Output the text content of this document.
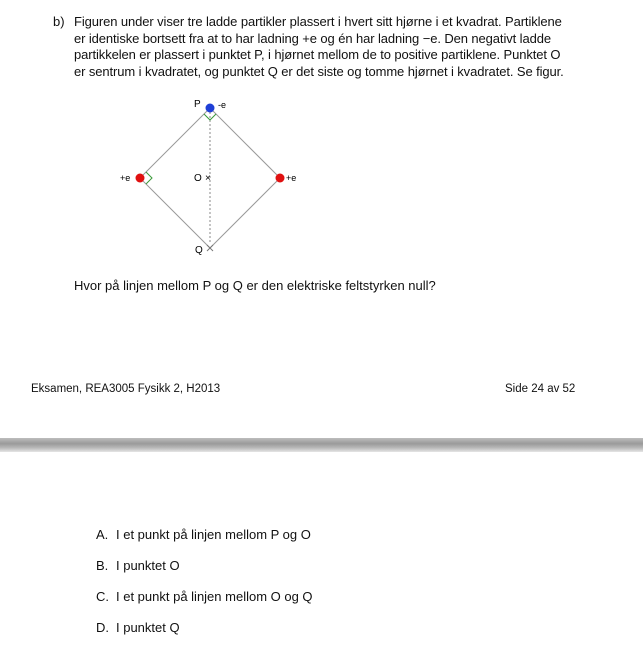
b) Figuren under viser tre ladde partikler plassert i hvert sitt hjørne i et kvadrat. Partiklene

er identiske bortsett fra at to har ladning +e og én har ladning −e. Den negativt ladde

partikkelen er plassert i punktet P, i hjørnet mellom de to positive partiklene. Punktet O

er sentrum i kvadratet, og punktet Q er det siste og tomme hjørnet i kvadratet. Se figur.

P -e
+e	+e
O ×
Q
Hvor på linjen mellom P og Q er den elektriske feltstyrken null?
Eksamen, REA3005 Fysikk 2, H2013	Side 24 av 52
A. I et punkt på linjen mellom P og O
B. I punktet O
C. I et punkt på linjen mellom O og Q
D. I punktet Q
